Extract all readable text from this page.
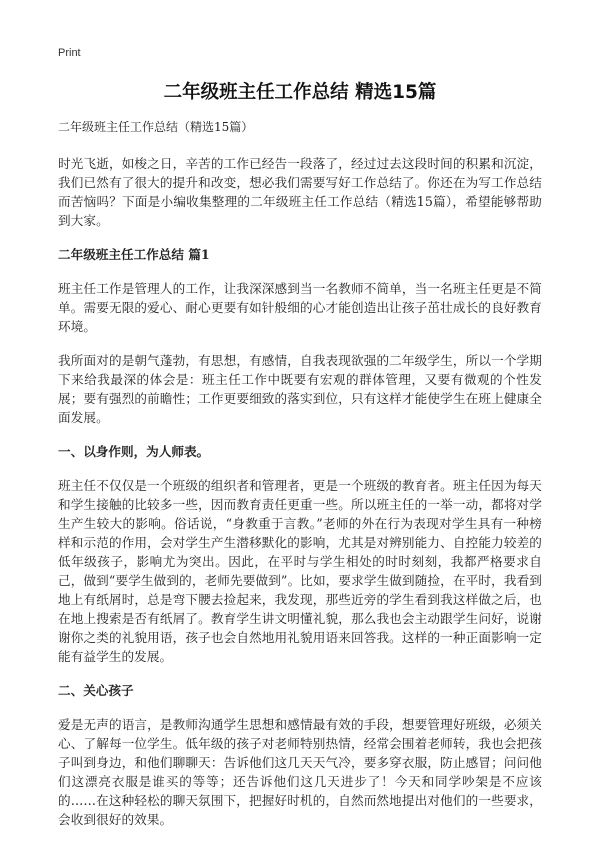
Print
二年级班主任工作总结 精选15篇
二年级班主任工作总结（精选15篇）

时光飞逝，如梭之日，辛苦的工作已经告一段落了，经过过去这段时间的积累和沉淀，我们已然有了很大的提升和改变，想必我们需要写好工作总结了。你还在为写工作总结而苦恼吗？下面是小编收集整理的二年级班主任工作总结（精选15篇），希望能够帮助到大家。

二年级班主任工作总结 篇1

班主任工作是管理人的工作，让我深深感到当一名教师不简单，当一名班主任更是不简单。需要无限的爱心、耐心更要有如针般细的心才能创造出让孩子茁壮成长的良好教育环境。

我所面对的是朝气蓬勃，有思想，有感情，自我表现欲强的二年级学生，所以一个学期下来给我最深的体会是：班主任工作中既要有宏观的群体管理，又要有微观的个性发展；要有强烈的前瞻性；工作更要细致的落实到位，只有这样才能使学生在班上健康全面发展。

一、以身作则，为人师表。

班主任不仅仅是一个班级的组织者和管理者，更是一个班级的教育者。班主任因为每天和学生接触的比较多一些，因而教育责任更重一些。所以班主任的一举一动，都将对学生产生较大的影响。俗话说，“身教重于言教。”老师的外在行为表现对学生具有一种榜样和示范的作用，会对学生产生潜移默化的影响，尤其是对辨别能力、自控能力较差的低年级孩子，影响尤为突出。因此，在平时与学生相处的时时刻刻，我都严格要求自己，做到“要学生做到的，老师先要做到”。比如，要求学生做到随捡，在平时，我看到地上有纸屑时，总是弯下腰去捡起来，我发现，那些近旁的学生看到我这样做之后，也在地上搜索是否有纸屑了。教育学生讲文明懂礼貌，那么我也会主动跟学生问好，说谢谢你之类的礼貌用语，孩子也会自然地用礼貌用语来回答我。这样的一种正面影响一定能有益学生的发展。

二、关心孩子

爱是无声的语言，是教师沟通学生思想和感情最有效的手段，想要管理好班级，必须关心、了解每一位学生。低年级的孩子对老师特别热情，经常会围着老师转，我也会把孩子叫到身边，和他们聊聊天：告诉他们这几天天气冷，要多穿衣服，防止感冒；问问他们这漂亮衣服是谁买的等等；还告诉他们这几天进步了！今天和同学吵架是不应该的……在这种轻松的聊天氛围下，把握好时机的，自然而然地提出对他们的一些要求，会收到很好的效果。
